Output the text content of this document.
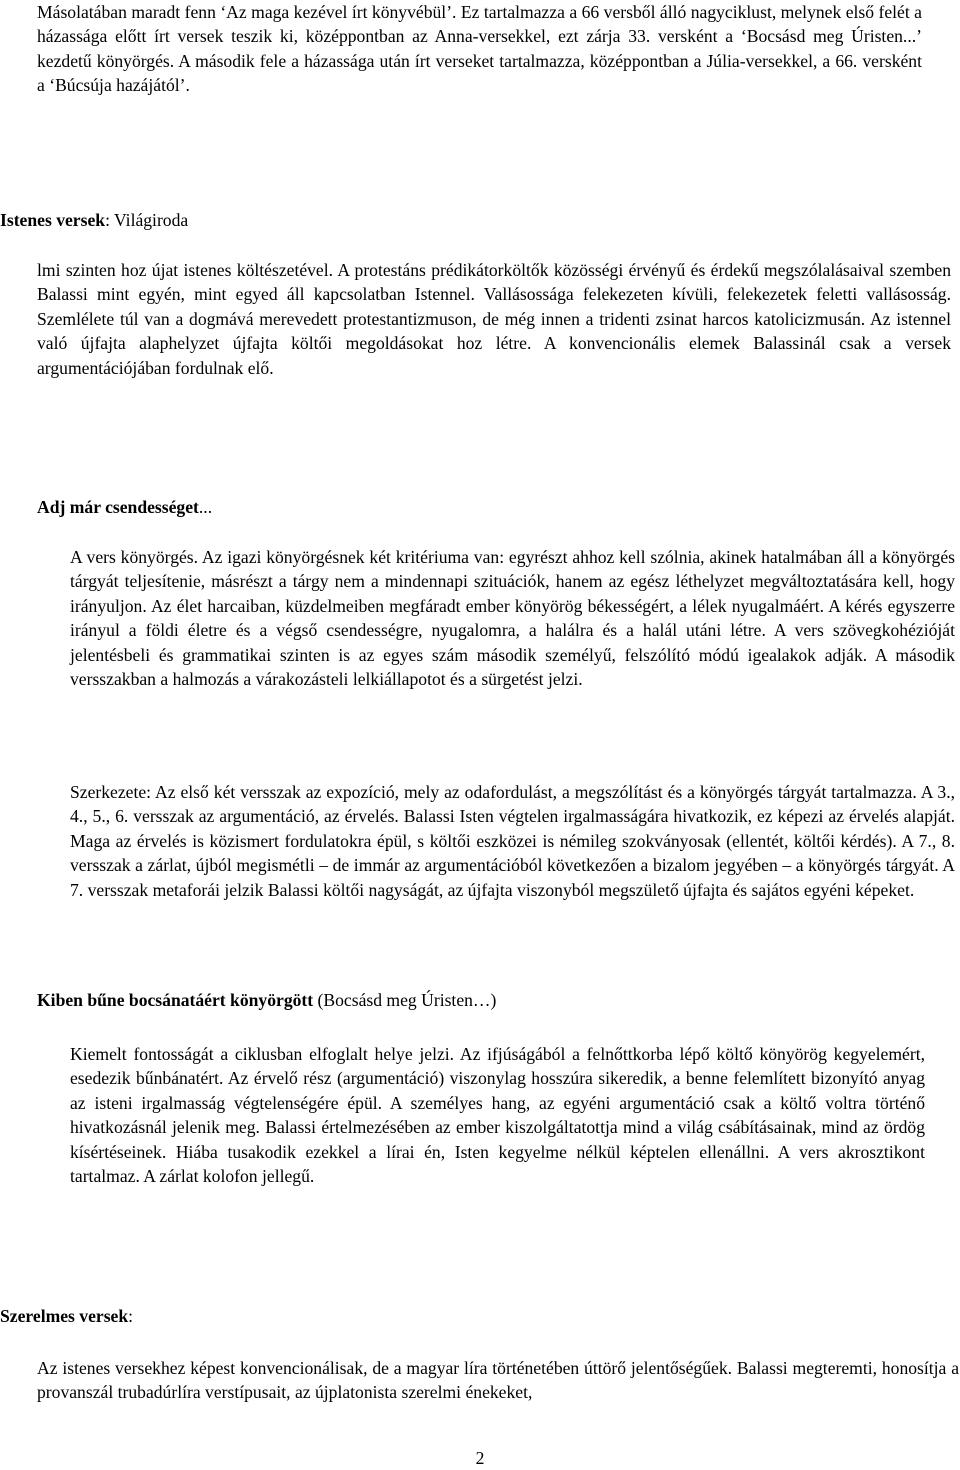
Másolatában maradt fenn ‘Az maga kezével írt könyvébül’. Ez tartalmazza a 66 versből álló nagyciklust, melynek első felét a házassága előtt írt versek teszik ki, középpontban az Anna-versekkel, ezt zárja 33. versként a ‘Bocsásd meg Úristen...’ kezdetű könyörgés. A második fele a házassága után írt verseket tartalmazza, középpontban a Júlia-versekkel, a 66. versként a ‘Búcsúja hazájától’.

Istenes versek: Világiroda

lmi szinten hoz újat istenes költészetével. A protestáns prédikátorköltők közösségi érvényű és érdekű megszólalásaival szemben Balassi mint egyén, mint egyed áll kapcsolatban Istennel. Vallásossága felekezeten kívüli, felekezetek feletti vallásosság. Szemlélete túl van a dogmává merevedett protestantizmuson, de még innen a tridenti zsinat harcos katolicizmusán. Az istennel való újfajta alaphelyzet újfajta költői megoldásokat hoz létre. A konvencionális elemek Balassinál csak a versek argumentációjában fordulnak elő.

Adj már csendességet...

A vers könyörgés. Az igazi könyörgésnek két kritériuma van: egyrészt ahhoz kell szólnia, akinek hatalmában áll a könyörgés tárgyát teljesítenie, másrészt a tárgy nem a mindennapi szituációk, hanem az egész léthelyzet megváltoztatására kell, hogy irányuljon. Az élet harcaiban, küzdelmeiben megfáradt ember könyörög békességért, a lélek nyugalmáért. A kérés egyszerre irányul a földi életre és a végső csendességre, nyugalomra, a halálra és a halál utáni létre. A vers szövegkohézióját jelentésbeli és grammatikai szinten is az egyes szám második személyű, felszólító módú igealakok adják. A második versszakban a halmozás a várakozásteli lelkiállapotot és a sürgetést jelzi.

Szerkezete: Az első két versszak az expozíció, mely az odafordulást, a megszólítást és a könyörgés tárgyát tartalmazza. A 3., 4., 5., 6. versszak az argumentáció, az érvelés. Balassi Isten végtelen irgalmasságára hivatkozik, ez képezi az érvelés alapját. Maga az érvelés is közismert fordulatokra épül, s költői eszközei is némileg szokványosak (ellentét, költői kérdés). A 7., 8. versszak a zárlat, újból megismétli – de immár az argumentációból következően a bizalom jegyében – a könyörgés tárgyát. A 7. versszak metaforái jelzik Balassi költői nagyságát, az újfajta viszonyból megszülető újfajta és sajátos egyéni képeket.

Kiben bűne bocsánatáért könyörgött (Bocsásd meg Úristen…)

Kiemelt fontosságát a ciklusban elfoglalt helye jelzi. Az ifjúságából a felnőttkorba lépő költő könyörög kegyelemért, esedezik bűnbánatért. Az érvelő rész (argumentáció) viszonylag hosszúra sikeredik, a benne felemlített bizonyító anyag az isteni irgalmasság végtelenségére épül. A személyes hang, az egyéni argumentáció csak a költő voltra történő hivatkozásnál jelenik meg. Balassi értelmezésében az ember kiszolgáltatottja mind a világ csábításainak, mind az ördög kísértéseinek. Hiába tusakodik ezekkel a lírai én, Isten kegyelme nélkül képtelen ellenállni. A vers akrosztikont tartalmaz. A zárlat kolofon jellegű.

Szerelmes versek:

Az istenes versekhez képest konvencionálisak, de a magyar líra történetében úttörő jelentőségűek. Balassi megteremti, honosítja a provanszál trubadúrlíra verstípusait, az újplatonista szerelmi énekeket,

2
